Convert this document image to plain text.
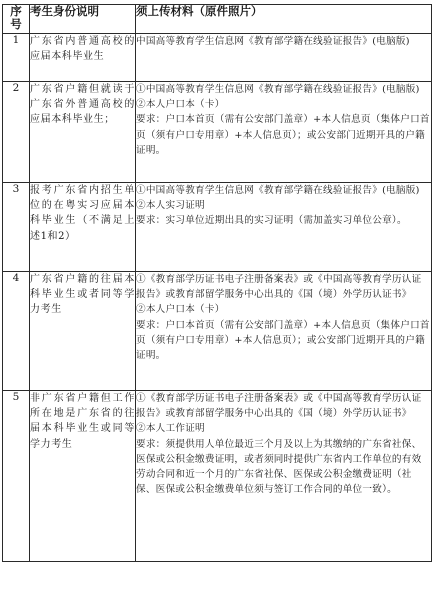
序号	考生身份说明	须上传材料（原件照片）
1	广东省内普通高校的应届本科毕业生	中国高等教育学生信息网《教育部学籍在线验证报告》(电脑版)

2	广东省户籍但就读于广东省外普通高校的应届本科毕业生；	①中国高等教育学生信息网《教育部学籍在线验证报告》(电脑版)
②本人户口本（卡）
要求：户口本首页（需有公安部门盖章）+本人信息页（集体户口首页（须有户口专用章）+本人信息页）；或公安部门近期开具的户籍证明。

3	报考广东省内招生单位的在粤实习应届本科毕业生（不满足上述1和2）	①中国高等教育学生信息网《教育部学籍在线验证报告》(电脑版)
②本人实习证明
要求：实习单位近期出具的实习证明（需加盖实习单位公章）。

4	广东省户籍的往届本科毕业生或者同等学力考生	①《教育部学历证书电子注册备案表》或《中国高等教育学历认证报告》或教育部留学服务中心出具的《国（境）外学历认证书》
②本人户口本（卡）
要求：户口本首页（需有公安部门盖章）+本人信息页（集体户口首页（须有户口专用章）+本人信息页）；或公安部门近期开具的户籍证明。

5	非广东省户籍但工作所在地是广东省的往届本科毕业生或同等学力考生	①《教育部学历证书电子注册备案表》或《中国高等教育学历认证报告》或教育部留学服务中心出具的《国（境）外学历认证书》
②本人工作证明
要求：须提供用人单位最近三个月及以上为其缴纳的广东省社保、医保或公积金缴费证明，或者须同时提供广东省内工作单位的有效劳动合同和近一个月的广东省社保、医保或公积金缴费证明（社保、医保或公积金缴费单位须与签订工作合同的单位一致）。
